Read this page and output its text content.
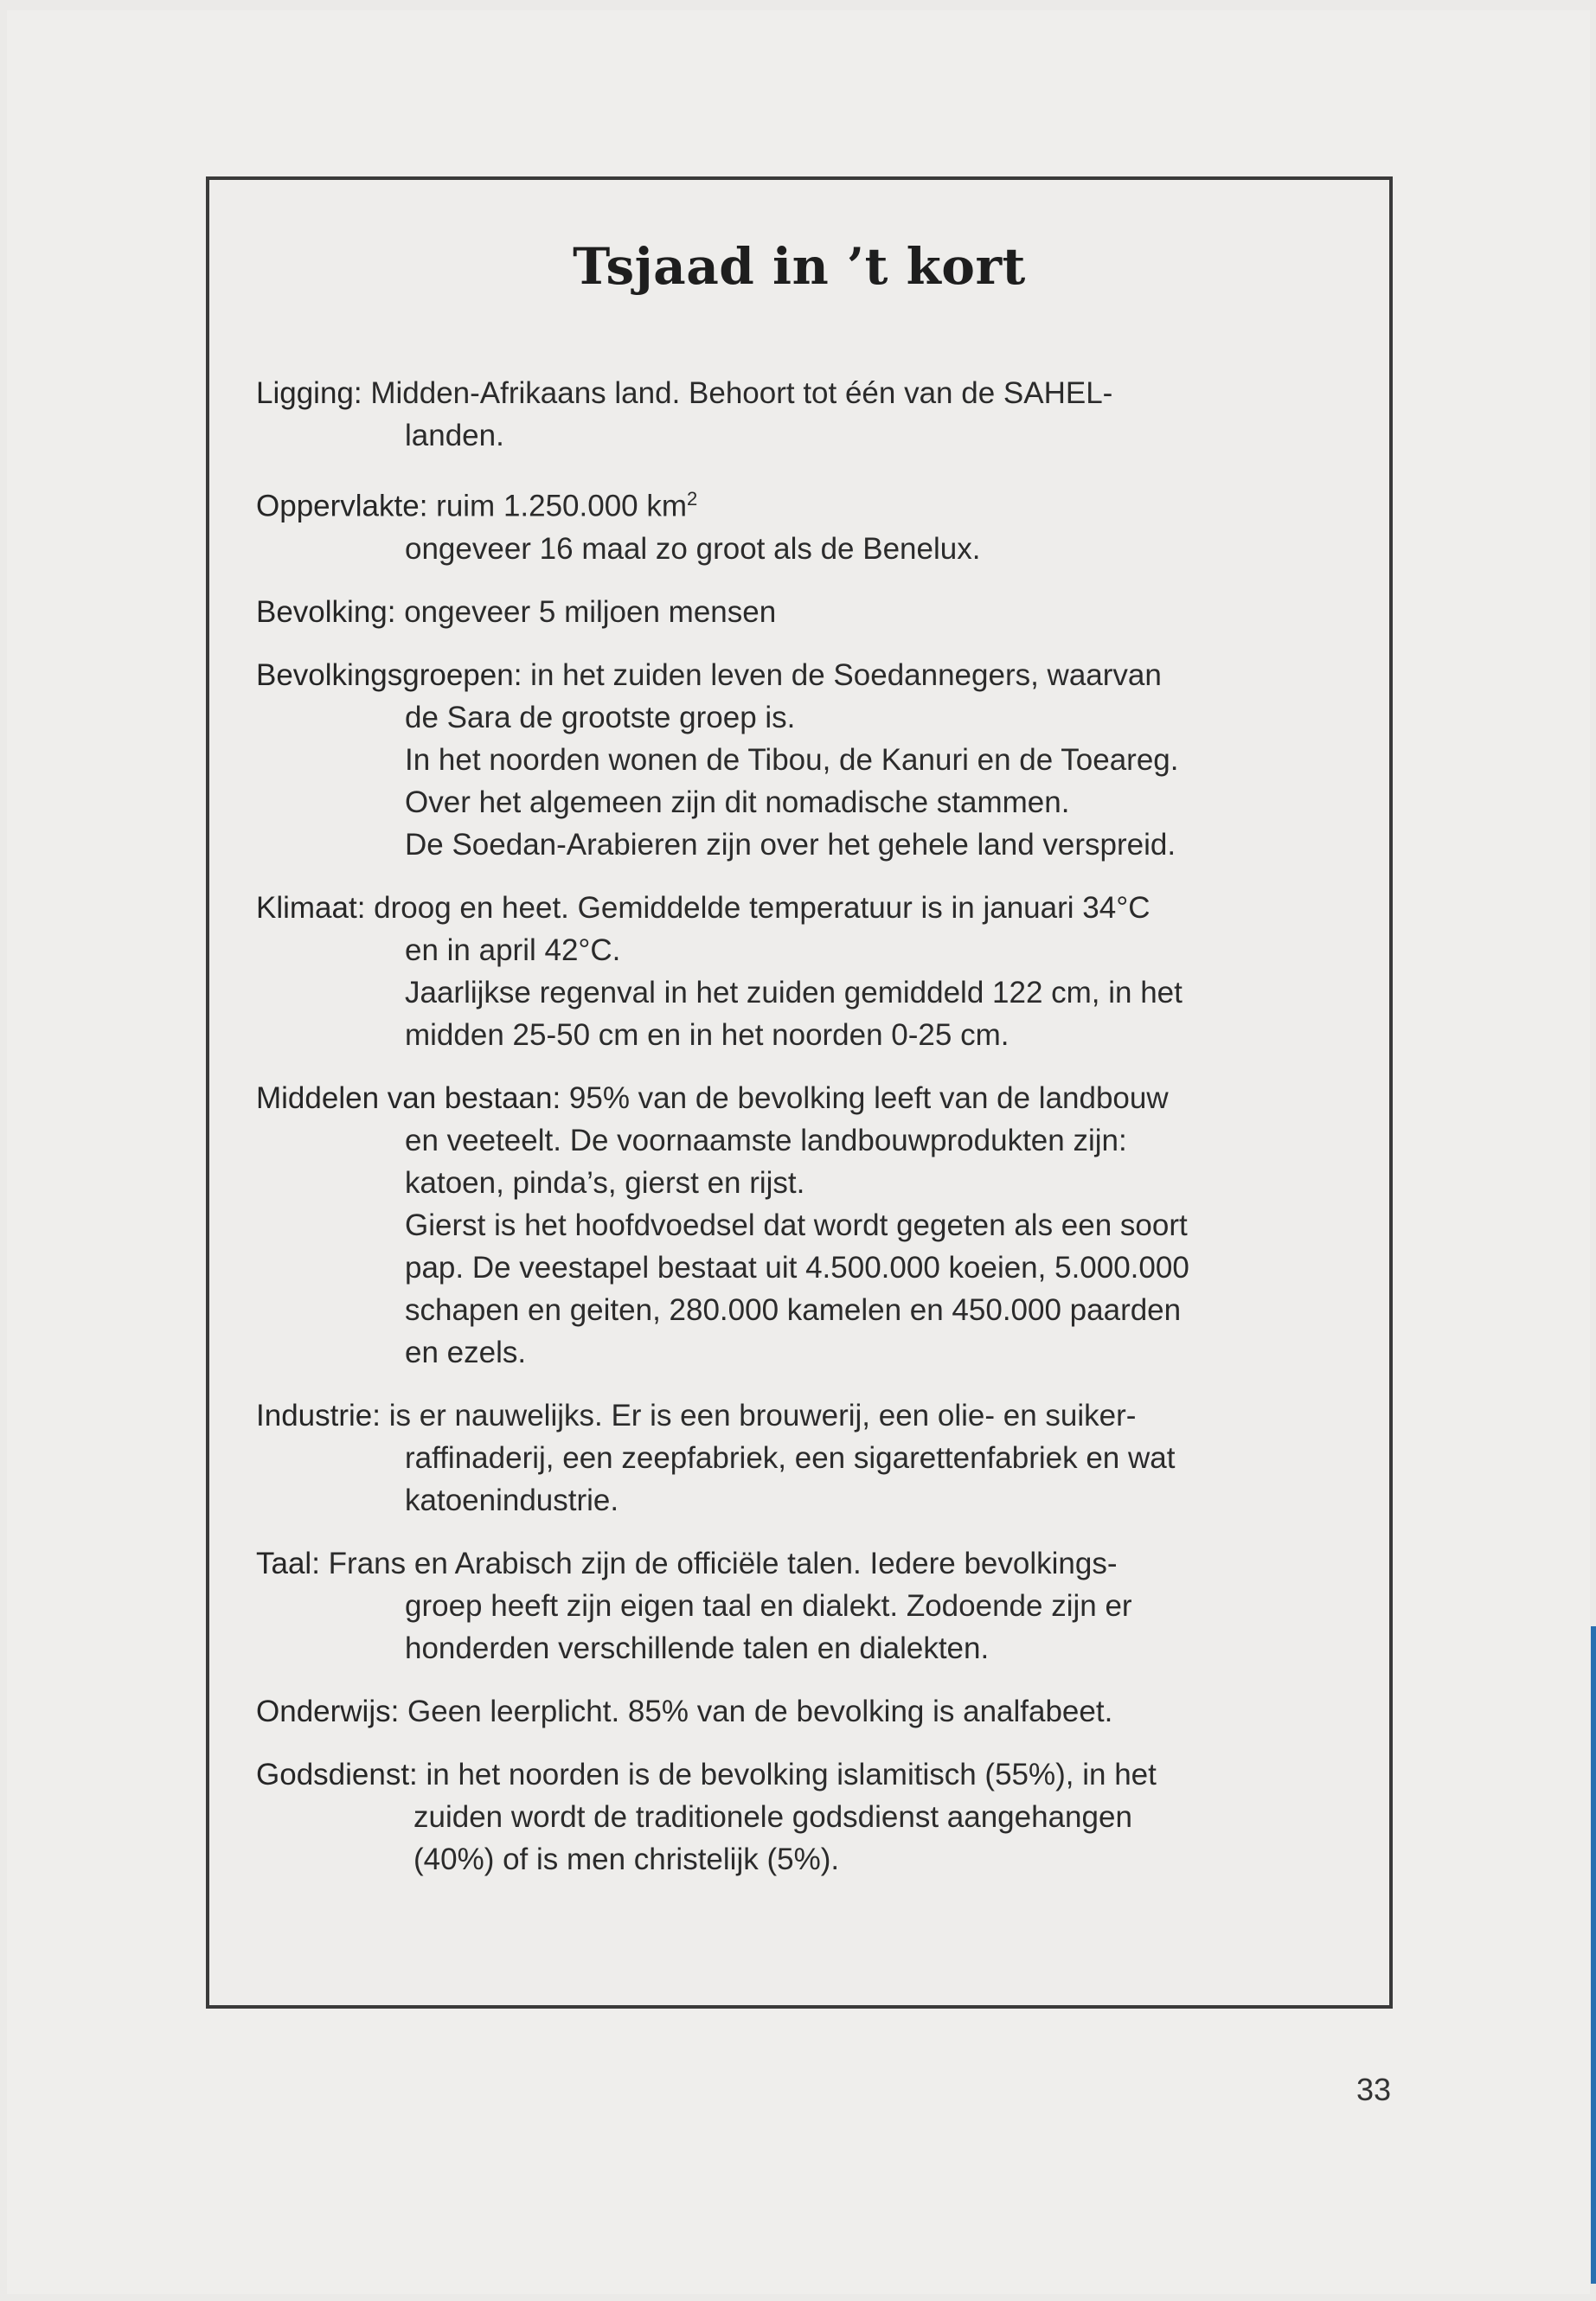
Tsjaad in ’t kort
Ligging: Midden-Afrikaans land. Behoort tot één van de SAHEL-
landen.
Oppervlakte: ruim 1.250.000 $km^2$
ongeveer 16 maal zo groot als de Benelux.
Bevolking: ongeveer 5 miljoen mensen
Bevolkingsgroepen: in het zuiden leven de Soedannegers, waarvan
de Sara de grootste groep is.
In het noorden wonen de Tibou, de Kanuri en de Toeareg.
Over het algemeen zijn dit nomadische stammen.
De Soedan-Arabieren zijn over het gehele land verspreid.
Klimaat: droog en heet. Gemiddelde temperatuur is in januari 34°C
en in april 42°C.
Jaarlijkse regenval in het zuiden gemiddeld 122 cm, in het
midden 25-50 cm en in het noorden 0-25 cm.
Middelen van bestaan: 95% van de bevolking leeft van de landbouw
en veeteelt. De voornaamste landbouwprodukten zijn:
katoen, pinda’s, gierst en rijst.
Gierst is het hoofdvoedsel dat wordt gegeten als een soort
pap. De veestapel bestaat uit 4.500.000 koeien, 5.000.000
schapen en geiten, 280.000 kamelen en 450.000 paarden
en ezels.
Industrie: is er nauwelijks. Er is een brouwerij, een olie- en suiker-
raffinaderij, een zeepfabriek, een sigarettenfabriek en wat
katoenindustrie.
Taal: Frans en Arabisch zijn de officiële talen. Iedere bevolkings-
groep heeft zijn eigen taal en dialekt. Zodoende zijn er
honderden verschillende talen en dialekten.
Onderwijs: Geen leerplicht. 85% van de bevolking is analfabeet.
Godsdienst: in het noorden is de bevolking islamitisch (55%), in het
zuiden wordt de traditionele godsdienst aangehangen
(40%) of is men christelijk (5%).
33
